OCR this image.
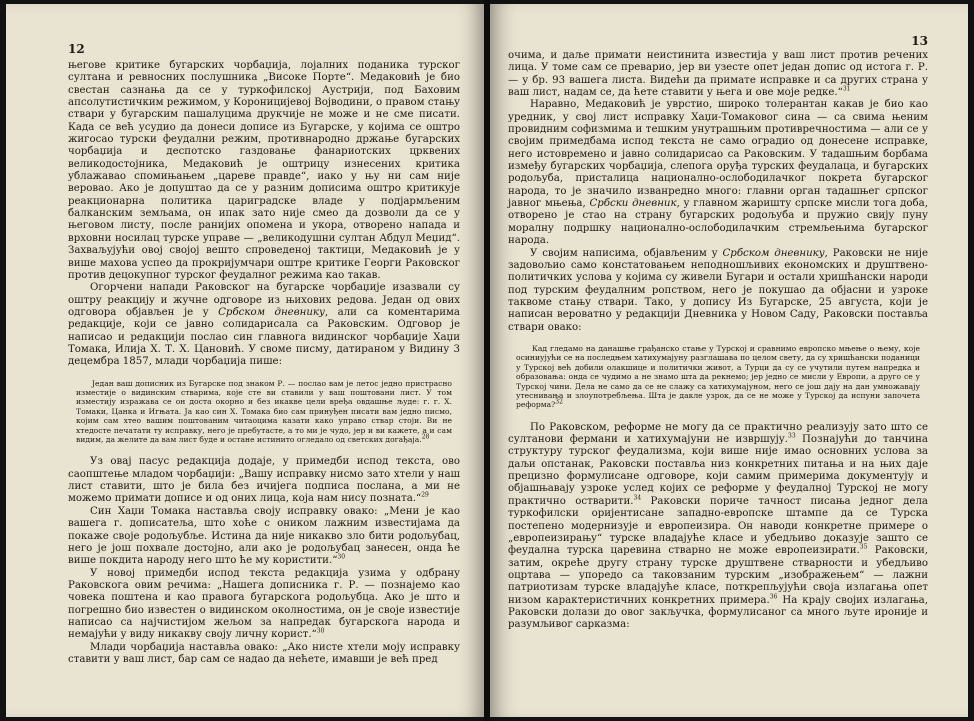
12

његове критике бугарских чорбаџија, лојалних поданика турског султана и ревносних послушника „Високе Порте“. Медаковић је био свестан сазнања да се у туркофилској Аустрији, под Баховим апсолутистичким режимом, у Короницијевој Војводини, о правом стању ствари у бугарским пашалуцима друкчије не може и не сме писати. Када се већ усудио да донеси дописе из Бугарске, у којима се оштро жигосао турски феудални режим, противнародно држање бугарских чорбаџија и деспотско газдовање фанариотских црквених великодостојника, Медаковић је оштрицу изнесених критика ублажавао спомињањем „цареве правде“, иако у њу ни сам није веровао. Ако је допуштао да се у разним дописима оштро критикује реакционарна политика цариградске владе у подјармљеним балканским земљама, он ипак зато није смео да дозволи да се у његовом листу, после ранијих опомена и укора, отворено напада и врховни носилац турске управе — „великодушни султан Абдул Меџид“. Захваљујући овој својој вешто спроведеној тактици, Медаковић је у више махова успео да прокријумчари оштре критике Георги Раковског против децокупног турског феудалног режима као такав.

Огорчени напади Раковског на бугарске чорбаџије изазвали су оштру реакцију и жучне одговоре из њихових редова. Један од ових одговора објављен је у Србском дневнику, али са коментарима редакције, који се јавно солидарисала са Раковским. Одговор је написао и редакцији послао син главнога видинског чорбаџије Хаџи Томака, Илија Х. Т. Х. Цановић. У своме писму, датираном у Видину 3 децембра 1857, млади чорбаџија пише:

Један ваш дописник из Бугарске под знаком Р. — послао вам је летос једно пристрасно изместије о видинским стварима, које сте ви ставили у ваш поштовани лист. У том изместију изражава се он доста окорно и без икакве цели вређа овдашње људе: г. г. Х. Томаки, Цанка и Игњата. Ја као син Х. Томака био сам принуђен писати вам једно писмо, којим сам хтео вашим поштованим читаоцима казати како управо ствар стоји. Ви не хтедосте печатати ту исправку, него је пребутасте, а то ми је чудо, јер и ви кажете, а и сам видим, да желите да вам лист буде и остане истинито огледало од светских догађаја.$^{28}$

Уз овај пасус редакција додаје, у примедби испод текста, ово саопштење младом чорбаџији: „Вашу исправку нисмо зато хтели у наш лист ставити, што је била без ичијега подписа послана, а ми не можемо примати дописе и од оних лица, која нам нису позната.“$^{29}$

Син Хаџи Томака наставља своју исправку овако: „Мени је као вашега г. дописатеља, што хоће с оником лажним известијама да покаже своје родољубље. Истина да није никакво зло бити родољубац, него је још похвале достојно, али ако је родољубац занесен, онда ће више покдита народу него што ће му користити.“$^{30}$

У новој примедби испод текста редакција узима у одбрану Раковскога овим речима: „Нашега дописника г. Р. — познајемо као човека поштена и као правога бугарскога родољубца. Ако је што и погрешно био известен о видинском околностима, он је своје известије написао са најчистијом жељом за напредак бугарскога народа и немајући у виду никакву своју личну корист.“$^{30}$

Млади чорбаџија наставља овако: „Ако нисте хтели моју исправку ставити у ваш лист, бар сам се надао да нећете, имавши је већ пред

13

очима, и даље примати неистинита известија у ваш лист против речених лица. У томе сам се преварио, јер ви узесте опет један допис од истога г. Р. — у бр. 93 вашега листа. Видећи да примате исправке и са других страна у ваш лист, надам се, да ћете ставити у њега и ове моје редке.“$^{31}$

Наравно, Медаковић је уврстио, широко толерантан какав је био као уредник, у свој лист исправку Хаџи-Томаковог сина — са свима њеним провидним софизмима и тешким унутрашњим противречностима — али се у својим примедбама испод текста не само оградио од донесене исправке, него истовремено и јавно солидарисао са Раковским. У тадашњим борбама између бугарских чорбаџија, слепога оруђа турских феудалаца, и бугарских родољуба, присталица национално-ослободилачког покрета бугарског народа, то је значило изванредно много: главни орган тадашњег српског јавног мњења, Србски дневник, у главном жаришту српске мисли тога доба, отворено је стао на страну бугарских родољуба и пружио свију пуну моралну подршку национално-ослободилачким стремљењима бугарског народа.

У својим написима, објављеним у Србском дневнику, Раковски не није задовољио само констатовањем неподношљивих економских и друштвено-политичких услова у којима су живели Бугари и остали хришћански народи под турским феудалним ропством, него је покушао да објасни и узроке таквоме стању ствари. Тако, у допису Из Бугарске, 25 августа, који је написан вероватно у редакцији Дневника у Новом Саду, Раковски поставља ствари овако:

Кад гледамо на данашње грађанско стање у Турској и сравнимо европско мњење о њему, које осиниујући се на последњем хатихумајуну разглашава по целом свету, да су хришћански поданици у Турској већ добили олакшице и политички живот, а Турци да су се учутили путем напредка и образовања: онда се чудимо а не знамо шта да рекнемо; јер једно се мисли у Европи, а друго се у Турској чини. Дела не само да се не слажу са хатихумајуном, него се још дају на дан умножавају утеснивања и злоупотребљења. Шта је даклe узрок, да се не може у Турској да испуни започета реформа?$^{32}$

По Раковском, реформе не могу да се практично реализују зато што се султанови фермани и хатихумајуни не извршују.$^{33}$ Познајући до танчина структуру турског феудализма, који више није имао основних услова за даљи опстанак, Раковски поставља низ конкретних питања и на њих даје прецизно формулисане одговоре, који самим примерима документују и објашњавају узроке услед којих се реформе у феудалној Турској не могу практично остварити.$^{34}$ Раковски пориче тачност писања једног дела туркофилски оријентисане западно-европске штампе да се Турска постепено модернизује и европеизира. Он наводи конкретне примере о „европеизирању“ турске владајуће класе и убедљиво доказује зашто се феудална турска царевина стварно не може европеизирати.$^{35}$ Раковски, затим, окреће другу страну турске друштвене стварности и убедљиво оцртава — упоредо са таковзаним турским „изображењем“ — лажни патриотизам турске владајуће класе, поткрепљујући своја излагања опет низом карактеристичних конкретних примера.$^{36}$ На крају својих излагања, Раковски долази до овог закључка, формулисаног са много љуте ироније и разумљивог сарказма:
